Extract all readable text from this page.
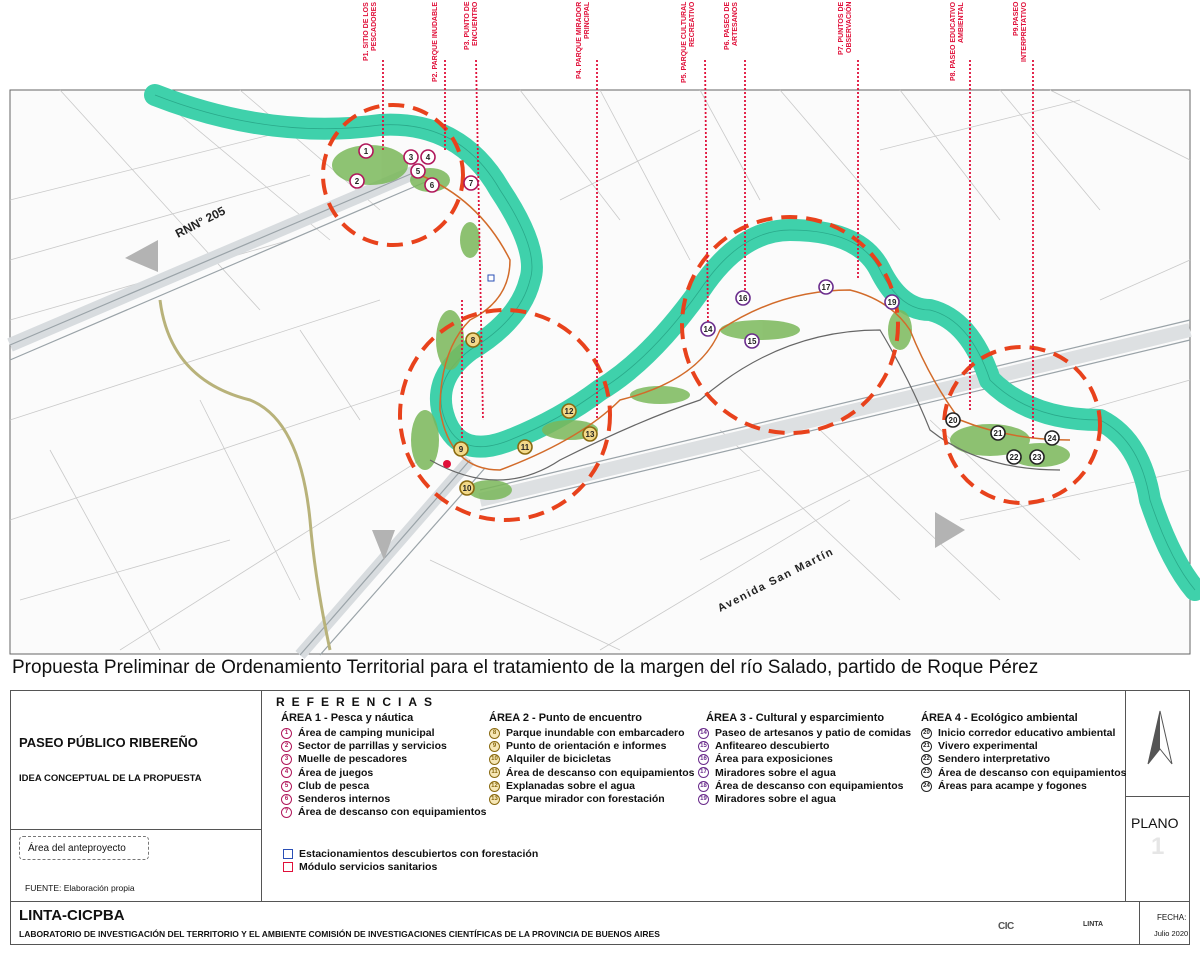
RNN° 205
Avenida San Martín
1
2
3 4
5
6	7
8
9
10
11
12
13
14
15
16
17
19
20
21
22 23
24
P1. SITIO DE LOS PESCADORES	P2. PARQUE INUDABLE	P3. PUNTO DE ENCUENTRO	P4. PARQUE MIRADOR PRINCIPAL	P5. PARQUE CULTURAL RECREATIVO	P6. PASEO DE ARTESANOS	P7. PUNTOS DE OBSERVACIÓN	P8. PASEO EDUCATIVO AMBIENTAL	P9.PASEO INTERPRETATIVO
Propuesta Preliminar de Ordenamiento Territorial para el tratamiento de la margen del río Salado, partido de Roque Pérez
PASEO PÚBLICO RIBEREÑO
IDEA CONCEPTUAL DE LA PROPUESTA
Área del anteproyecto
FUENTE: Elaboración propia
REFERENCIAS
ÁREA 1 - Pesca y náutica
1 Área de camping municipal
2 Sector de parrillas y servicios
3 Muelle de pescadores
4 Área de juegos
5 Club de pesca
6 Senderos internos
7 Área de descanso con equipamientos
ÁREA 2 - Punto de encuentro
8 Parque inundable con embarcadero
9 Punto de orientación e informes
10 Alquiler de bicicletas
11 Área de descanso con equipamientos
12 Explanadas sobre el agua
13 Parque mirador con forestación
ÁREA 3 - Cultural y esparcimiento
14 Paseo de artesanos y patio de comidas
15 Anfiteareo descubierto
16 Área para exposiciones
17 Miradores sobre el agua
18 Área de descanso con equipamientos
19 Miradores sobre el agua
ÁREA 4 - Ecológico ambiental
20 Inicio corredor educativo ambiental
21 Vivero experimental
22 Sendero interpretativo
23 Área de descanso con equipamientos
24 Áreas para acampe y fogones
Estacionamientos descubiertos con forestación
Módulo servicios sanitarios
PLANO
1
LINTA-CICPBA
LABORATORIO DE INVESTIGACIÓN DEL TERRITORIO Y EL AMBIENTE COMISIÓN DE INVESTIGACIONES CIENTÍFICAS DE LA PROVINCIA DE BUENOS AIRES
CIC	LINTA
FECHA:
Julio 2020
